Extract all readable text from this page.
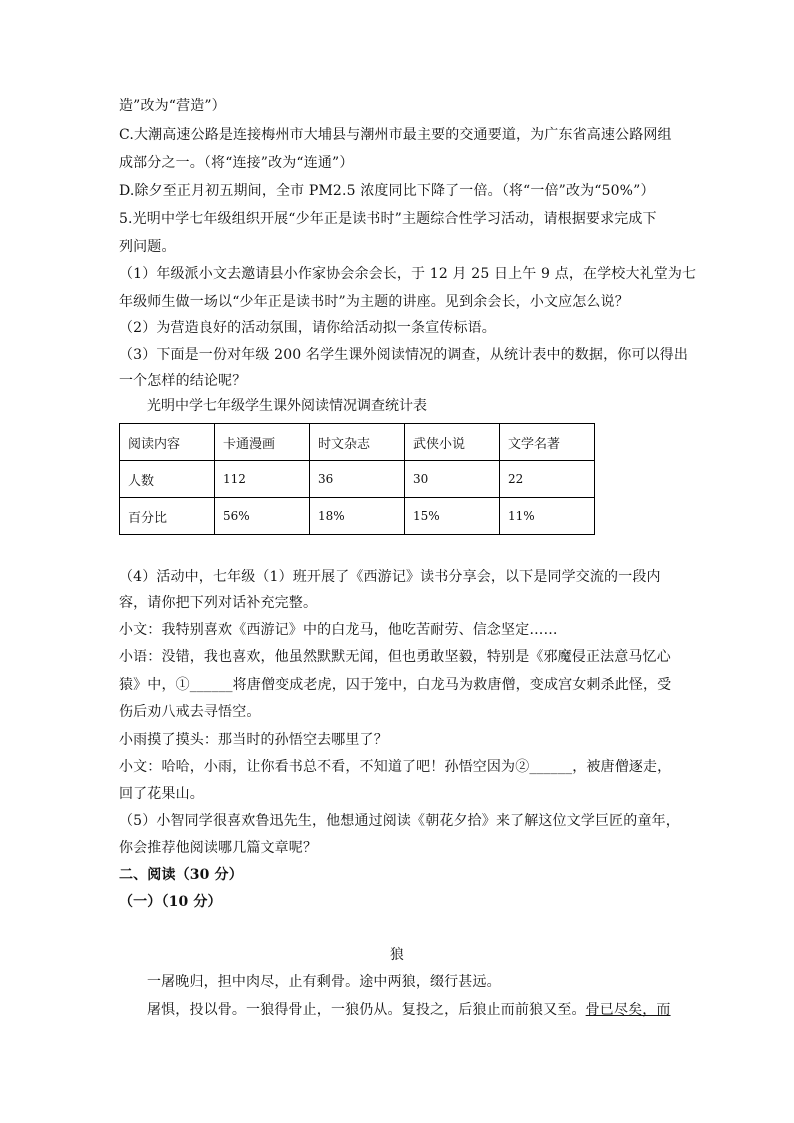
造”改为“营造”）
C.大潮高速公路是连接梅州市大埔县与潮州市最主要的交通要道，为广东省高速公路网组
成部分之一。（将“连接”改为“连通”）
D.除夕至正月初五期间，全市 PM2.5 浓度同比下降了一倍。（将“一倍”改为“50%”）
5.光明中学七年级组织开展“少年正是读书时”主题综合性学习活动，请根据要求完成下
列问题。
（1）年级派小文去邀请县小作家协会余会长，于 12 月 25 日上午 9 点，在学校大礼堂为七
年级师生做一场以“少年正是读书时”为主题的讲座。见到余会长，小文应怎么说？
（2）为营造良好的活动氛围，请你给活动拟一条宣传标语。
（3）下面是一份对年级 200 名学生课外阅读情况的调查，从统计表中的数据，你可以得出
一个怎样的结论呢？
光明中学七年级学生课外阅读情况调查统计表
阅读内容	卡通漫画	时文杂志	武侠小说	文学名著
人数	112	36	30	22
百分比	56%	18%	15%	11%
（4）活动中，七年级（1）班开展了《西游记》读书分享会，以下是同学交流的一段内
容，请你把下列对话补充完整。
小文：我特别喜欢《西游记》中的白龙马，他吃苦耐劳、信念坚定……
小语：没错，我也喜欢，他虽然默默无闻，但也勇敢坚毅，特别是《邪魔侵正法意马忆心
猿》中，①______将唐僧变成老虎，囚于笼中，白龙马为救唐僧，变成宫女刺杀此怪，受
伤后劝八戒去寻悟空。
小雨摸了摸头：那当时的孙悟空去哪里了？
小文：哈哈，小雨，让你看书总不看，不知道了吧！孙悟空因为②______，被唐僧逐走，
回了花果山。
（5）小智同学很喜欢鲁迅先生，他想通过阅读《朝花夕拾》来了解这位文学巨匠的童年，
你会推荐他阅读哪几篇文章呢？
二、阅读（30 分）
（一）（10 分）
狼
一屠晚归，担中肉尽，止有剩骨。途中两狼，缀行甚远。
屠惧，投以骨。一狼得骨止，一狼仍从。复投之，后狼止而前狼又至。骨已尽矣，而
